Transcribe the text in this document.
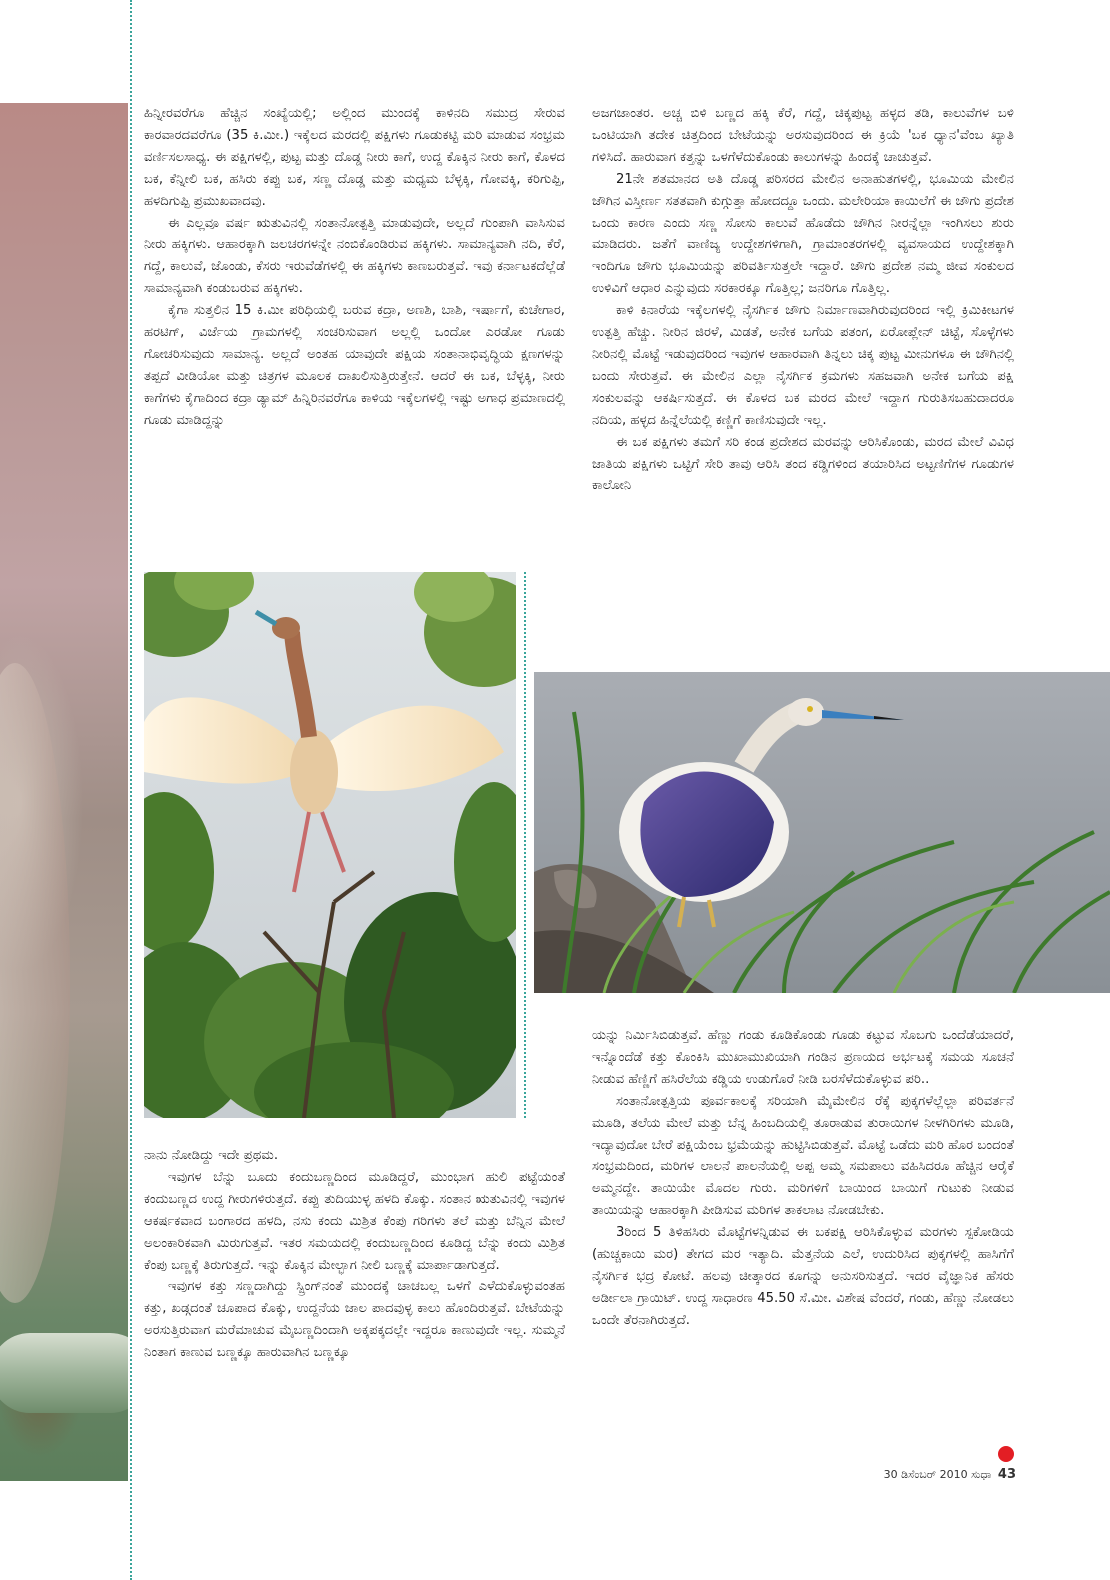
ಹಿನ್ನೀರವರೆಗೂ ಹೆಚ್ಚಿನ ಸಂಖ್ಯೆಯಲ್ಲಿ; ಅಲ್ಲಿಂದ ಮುಂದಕ್ಕೆ ಕಾಳಿನದಿ ಸಮುದ್ರ ಸೇರುವ ಕಾರವಾರದವರೆಗೂ (35 ಕಿ.ಮೀ.) ಇಕ್ಕೆಲದ ಮರದಲ್ಲಿ ಪಕ್ಷಿಗಳು ಗೂಡುಕಟ್ಟಿ ಮರಿ ಮಾಡುವ ಸಂಭ್ರಮ ವರ್ಣಿಸಲಸಾಧ್ಯ. ಈ ಪಕ್ಷಿಗಳಲ್ಲಿ, ಪುಟ್ಟ ಮತ್ತು ದೊಡ್ಡ ನೀರು ಕಾಗೆ, ಉದ್ದ ಕೊಕ್ಕಿನ ನೀರು ಕಾಗೆ, ಕೊಳದ ಬಕ, ಕೆನ್ನೀಲಿ ಬಕ, ಹಸಿರು ಕಪ್ಪು ಬಕ, ಸಣ್ಣ ದೊಡ್ಡ ಮತ್ತು ಮಧ್ಯಮ ಬೆಳ್ಳಕ್ಕಿ, ಗೋವಕ್ಕಿ, ಕರಿಗುಪ್ಪಿ, ಹಳದಿಗುಪ್ಪಿ ಪ್ರಮುಖವಾದವು.

ಈ ಎಲ್ಲವೂ ವರ್ಷ ಋತುವಿನಲ್ಲಿ ಸಂತಾನೋತ್ಪತ್ತಿ ಮಾಡುವುದೇ, ಅಲ್ಲದೆ ಗುಂಪಾಗಿ ವಾಸಿಸುವ ನೀರು ಹಕ್ಕಿಗಳು. ಆಹಾರಕ್ಕಾಗಿ ಜಲಚರಗಳನ್ನೇ ನಂಬಿಕೊಂಡಿರುವ ಹಕ್ಕಿಗಳು. ಸಾಮಾನ್ಯವಾಗಿ ನದಿ, ಕೆರೆ, ಗದ್ದೆ, ಕಾಲುವೆ, ಜೊಂಡು, ಕೆಸರು ಇರುವೆಡೆಗಳಲ್ಲಿ ಈ ಹಕ್ಕಿಗಳು ಕಾಣಬರುತ್ತವೆ. ಇವು ಕರ್ನಾಟಕದೆಲ್ಲೆಡೆ ಸಾಮಾನ್ಯವಾಗಿ ಕಂಡುಬರುವ ಹಕ್ಕಿಗಳು.

ಕೈಗಾ ಸುತ್ತಲಿನ 15 ಕಿ.ಮೀ ಪರಿಧಿಯಲ್ಲಿ ಬರುವ ಕದ್ರಾ, ಅಣಶಿ, ಬಾಶಿ, ಇರ್ಷಾಗೆ, ಕುಚೇಗಾರ, ಹರಟಿಗ್, ವಿರ್ಜೆಯ ಗ್ರಾಮಗಳಲ್ಲಿ ಸಂಚರಿಸುವಾಗ ಅಲ್ಲಲ್ಲಿ ಒಂದೋ ಎರಡೋ ಗೂಡು ಗೋಚರಿಸುವುದು ಸಾಮಾನ್ಯ. ಅಲ್ಲದೆ ಅಂತಹ ಯಾವುದೇ ಪಕ್ಷಿಯ ಸಂತಾನಾಭಿವೃದ್ಧಿಯ ಕ್ಷಣಗಳನ್ನು ತಪ್ಪದೆ ವೀಡಿಯೋ ಮತ್ತು ಚಿತ್ರಗಳ ಮೂಲಕ ದಾಖಲಿಸುತ್ತಿರುತ್ತೇನೆ. ಆದರೆ ಈ ಬಕ, ಬೆಳ್ಳಕ್ಕಿ, ನೀರು ಕಾಗೆಗಳು ಕೈಗಾದಿಂದ ಕದ್ರಾ ಡ್ಯಾಮ್ ಹಿನ್ನಿರಿನವರೆಗೂ ಕಾಳಿಯ ಇಕ್ಕೆಲಗಳಲ್ಲಿ ಇಷ್ಟು ಅಗಾಧ ಪ್ರಮಾಣದಲ್ಲಿ ಗೂಡು ಮಾಡಿದ್ದನ್ನು

ನಾನು ನೋಡಿದ್ದು ಇದೇ ಪ್ರಥಮ.

ಇವುಗಳ ಬೆನ್ನು ಬೂದು ಕಂದುಬಣ್ಣದಿಂದ ಮೂಡಿದ್ದರೆ, ಮುಂಭಾಗ ಹುಲಿ ಪಟ್ಟೆಯಂತೆ ಕಂದುಬಣ್ಣದ ಉದ್ದ ಗೀರುಗಳಿರುತ್ತದೆ. ಕಪ್ಪು ತುದಿಯುಳ್ಳ ಹಳದಿ ಕೊಕ್ಕು. ಸಂತಾನ ಋತುವಿನಲ್ಲಿ ಇವುಗಳ ಆಕರ್ಷಕವಾದ ಬಂಗಾರದ ಹಳದಿ, ನಸು ಕಂದು ಮಿಶ್ರಿತ ಕೆಂಪು ಗರಿಗಳು ತಲೆ ಮತ್ತು ಬೆನ್ನಿನ ಮೇಲೆ ಅಲಂಕಾರಿಕವಾಗಿ ಮಿರುಗುತ್ತವೆ. ಇತರ ಸಮಯದಲ್ಲಿ ಕಂದುಬಣ್ಣದಿಂದ ಕೂಡಿದ್ದ ಬೆನ್ನು ಕಂದು ಮಿಶ್ರಿತ ಕೆಂಪು ಬಣ್ಣಕ್ಕೆ ತಿರುಗುತ್ತದೆ. ಇನ್ನು ಕೊಕ್ಕಿನ ಮೇಲ್ಭಾಗ ನೀಲಿ ಬಣ್ಣಕ್ಕೆ ಮಾರ್ಪಾಡಾಗುತ್ತದೆ.

ಇವುಗಳ ಕತ್ತು ಸಣ್ಣದಾಗಿದ್ದು ಸ್ಪ್ರಿಂಗ್‌ನಂತೆ ಮುಂದಕ್ಕೆ ಚಾಚಬಲ್ಲ ಒಳಗೆ ಎಳೆದುಕೊಳ್ಳುವಂತಹ ಕತ್ತು, ಖಡ್ಗದಂತೆ ಚೂಪಾದ ಕೊಕ್ಕು, ಉದ್ದನೆಯ ಜಾಲ ಪಾದವುಳ್ಳ ಕಾಲು ಹೊಂದಿರುತ್ತವೆ. ಬೇಟೆಯನ್ನು ಅರಸುತ್ತಿರುವಾಗ ಮರೆಮಾಚುವ ಮೈಬಣ್ಣದಿಂದಾಗಿ ಅಕ್ಕಪಕ್ಕದಲ್ಲೇ ಇದ್ದರೂ ಕಾಣುವುದೇ ಇಲ್ಲ. ಸುಮ್ಮನೆ ನಿಂತಾಗ ಕಾಣುವ ಬಣ್ಣಕ್ಕೂ ಹಾರುವಾಗಿನ ಬಣ್ಣಕ್ಕೂ

ಅಜಗಜಾಂತರ. ಅಚ್ಚ ಬಿಳಿ ಬಣ್ಣದ ಹಕ್ಕಿ ಕೆರೆ, ಗದ್ದೆ, ಚಿಕ್ಕಪುಟ್ಟ ಹಳ್ಳದ ತಡಿ, ಕಾಲುವೆಗಳ ಬಳಿ ಒಂಟಿಯಾಗಿ ತದೇಕ ಚಿತ್ತದಿಂದ ಬೇಟೆಯನ್ನು ಅರಸುವುದರಿಂದ ಈ ಕ್ರಿಯೆ 'ಬಕ ಧ್ಯಾನ'ವೆಂಬ ಖ್ಯಾತಿ ಗಳಿಸಿದೆ. ಹಾರುವಾಗ ಕತ್ತನ್ನು ಒಳಗೆಳೆದುಕೊಂಡು ಕಾಲುಗಳನ್ನು ಹಿಂದಕ್ಕೆ ಚಾಚುತ್ತವೆ.

21ನೇ ಶತಮಾನದ ಅತಿ ದೊಡ್ಡ ಪರಿಸರದ ಮೇಲಿನ ಅನಾಹುತಗಳಲ್ಲಿ, ಭೂಮಿಯ ಮೇಲಿನ ಜೌಗಿನ ವಿಸ್ತೀರ್ಣ ಸತತವಾಗಿ ಕುಗ್ಗುತ್ತಾ ಹೋದದ್ದೂ ಒಂದು. ಮಲೇರಿಯಾ ಕಾಯಿಲೆಗೆ ಈ ಜೌಗು ಪ್ರದೇಶ ಒಂದು ಕಾರಣ ಎಂದು ಸಣ್ಣ ಸೋಸು ಕಾಲುವೆ ಹೊಡೆದು ಜೌಗಿನ ನೀರನ್ನೆಲ್ಲಾ ಇಂಗಿಸಲು ಶುರು ಮಾಡಿದರು. ಜತೆಗೆ ವಾಣಿಜ್ಯ ಉದ್ದೇಶಗಳಿಗಾಗಿ, ಗ್ರಾಮಾಂತರಗಳಲ್ಲಿ ವ್ಯವಸಾಯದ ಉದ್ದೇಶಕ್ಕಾಗಿ ಇಂದಿಗೂ ಜೌಗು ಭೂಮಿಯನ್ನು ಪರಿವರ್ತಿಸುತ್ತಲೇ ಇದ್ದಾರೆ. ಜೌಗು ಪ್ರದೇಶ ನಮ್ಮ ಜೀವ ಸಂಕುಲದ ಉಳಿವಿಗೆ ಆಧಾರ ಎನ್ನುವುದು ಸರಕಾರಕ್ಕೂ ಗೊತ್ತಿಲ್ಲ; ಜನರಿಗೂ ಗೊತ್ತಿಲ್ಲ.

ಕಾಳಿ ಕಿನಾರೆಯ ಇಕ್ಕೆಲಗಳಲ್ಲಿ ನೈಸರ್ಗಿಕ ಜೌಗು ನಿರ್ಮಾಣವಾಗಿರುವುದರಿಂದ ಇಲ್ಲಿ ಕ್ರಿಮಿಕೀಟಗಳ ಉತ್ಪತ್ತಿ ಹೆಚ್ಚು. ನೀರಿನ ಜಿರಳೆ, ಮಿಡತೆ, ಅನೇಕ ಬಗೆಯ ಪತಂಗ, ಏರೋಪ್ಲೇನ್ ಚಿಟ್ಟೆ, ಸೊಳ್ಳೆಗಳು ನೀರಿನಲ್ಲಿ ಮೊಟ್ಟೆ ಇಡುವುದರಿಂದ ಇವುಗಳ ಆಹಾರವಾಗಿ ತಿನ್ನಲು ಚಿಕ್ಕ ಪುಟ್ಟ ಮೀನುಗಳೂ ಈ ಜೌಗಿನಲ್ಲಿ ಬಂದು ಸೇರುತ್ತವೆ. ಈ ಮೇಲಿನ ಎಲ್ಲಾ ನೈಸರ್ಗಿಕ ಕ್ರಮಗಳು ಸಹಜವಾಗಿ ಅನೇಕ ಬಗೆಯ ಪಕ್ಷಿ ಸಂಕುಲವನ್ನು ಆಕರ್ಷಿಸುತ್ತದೆ. ಈ ಕೊಳದ ಬಕ ಮರದ ಮೇಲೆ ಇದ್ದಾಗ ಗುರುತಿಸಬಹುದಾದರೂ ನದಿಯ, ಹಳ್ಳದ ಹಿನ್ನೆಲೆಯಲ್ಲಿ ಕಣ್ಣಿಗೆ ಕಾಣಿಸುವುದೇ ಇಲ್ಲ.

ಈ ಬಕ ಪಕ್ಷಿಗಳು ತಮಗೆ ಸರಿ ಕಂಡ ಪ್ರದೇಶದ ಮರವನ್ನು ಆರಿಸಿಕೊಂಡು, ಮರದ ಮೇಲೆ ವಿವಿಧ ಜಾತಿಯ ಪಕ್ಷಿಗಳು ಒಟ್ಟಿಗೆ ಸೇರಿ ತಾವು ಆರಿಸಿ ತಂದ ಕಡ್ಡಿಗಳಿಂದ ತಯಾರಿಸಿದ ಅಟ್ಟಣಿಗೆಗಳ ಗೂಡುಗಳ ಕಾಲೋನಿ

ಯನ್ನು ನಿರ್ಮಿಸಿಬಿಡುತ್ತವೆ. ಹೆಣ್ಣು ಗಂಡು ಕೂಡಿಕೊಂಡು ಗೂಡು ಕಟ್ಟುವ ಸೊಬಗು ಒಂದೆಡೆಯಾದರೆ, ಇನ್ನೊಂದೆಡೆ ಕತ್ತು ಕೊಂಕಿಸಿ ಮುಖಾಮುಖಿಯಾಗಿ ಗಂಡಿನ ಪ್ರಣಯದ ಅರ್ಭಟಕ್ಕೆ ಸಮಯ ಸೂಚನೆ ನೀಡುವ ಹೆಣ್ಣಿಗೆ ಹಸಿರೆಲೆಯ ಕಡ್ಡಿಯ ಉಡುಗೊರೆ ನೀಡಿ ಬರಸೆಳೆದುಕೊಳ್ಳುವ ಪರಿ..

ಸಂತಾನೋತ್ಪತ್ತಿಯ ಪೂರ್ವಕಾಲಕ್ಕೆ ಸರಿಯಾಗಿ ಮೈಮೇಲಿನ ರೆಕ್ಕೆ ಪುಕ್ಕಗಳೆಲ್ಲೆಲ್ಲಾ ಪರಿವರ್ತನೆ ಮೂಡಿ, ತಲೆಯ ಮೇಲೆ ಮತ್ತು ಬೆನ್ನ ಹಿಂಬದಿಯಲ್ಲಿ ತೂರಾಡುವ ತುರಾಯಿಗಳ ನೀಳಗಿರಿಗಳು ಮೂಡಿ, ಇದ್ಯಾವುದೋ ಬೇರೆ ಪಕ್ಷಿಯೆಂಬ ಭ್ರಮೆಯನ್ನು ಹುಟ್ಟಿಸಿಬಿಡುತ್ತವೆ. ಮೊಟ್ಟೆ ಒಡೆದು ಮರಿ ಹೊರ ಬಂದಂತೆ ಸಂಭ್ರಮದಿಂದ, ಮರಿಗಳ ಲಾಲನೆ ಪಾಲನೆಯಲ್ಲಿ ಅಪ್ಪ ಅಮ್ಮ ಸಮಪಾಲು ವಹಿಸಿದರೂ ಹೆಚ್ಚಿನ ಆರೈಕೆ ಅಮ್ಮನದ್ದೇ. ತಾಯಿಯೇ ಮೊದಲ ಗುರು. ಮರಿಗಳಿಗೆ ಬಾಯಿಂದ ಬಾಯಿಗೆ ಗುಟುಕು ನೀಡುವ ತಾಯಿಯನ್ನು ಆಹಾರಕ್ಕಾಗಿ ಪೀಡಿಸುವ ಮರಿಗಳ ತಾಕಲಾಟ ನೋಡಬೇಕು.

3ರಿಂದ 5 ತಿಳಿಹಸಿರು ಮೊಟ್ಟೆಗಳನ್ನಿಡುವ ಈ ಬಕಪಕ್ಷಿ ಆರಿಸಿಕೊಳ್ಳುವ ಮರಗಳು ಸ್ಪಕೋಡಿಯ (ಹುಚ್ಚಕಾಯಿ ಮರ) ತೇಗದ ಮರ ಇತ್ಯಾದಿ. ಮೆತ್ತನೆಯ ಎಲೆ, ಉದುರಿಸಿದ ಪುಕ್ಕಗಳಲ್ಲಿ ಹಾಸಿಗೆಗೆ ನೈಸರ್ಗಿಕ ಭದ್ರ ಕೋಟೆ. ಹಲವು ಚೀತ್ಕಾರದ ಕೂಗನ್ನು ಅನುಸರಿಸುತ್ತದೆ. ಇದರ ವೈಜ್ಞಾನಿಕ ಹೆಸರು ಅರ್ಡೀಲಾ ಗ್ರಾಯಿಟ್. ಉದ್ದ ಸಾಧಾರಣ 45.50 ಸೆ.ಮೀ. ವಿಶೇಷ ವೆಂದರೆ, ಗಂಡು, ಹೆಣ್ಣು ನೋಡಲು ಒಂದೇ ತೆರನಾಗಿರುತ್ತದೆ.

30 ಡಿಸೆಂಬರ್ 2010 ಸುಧಾ 43
